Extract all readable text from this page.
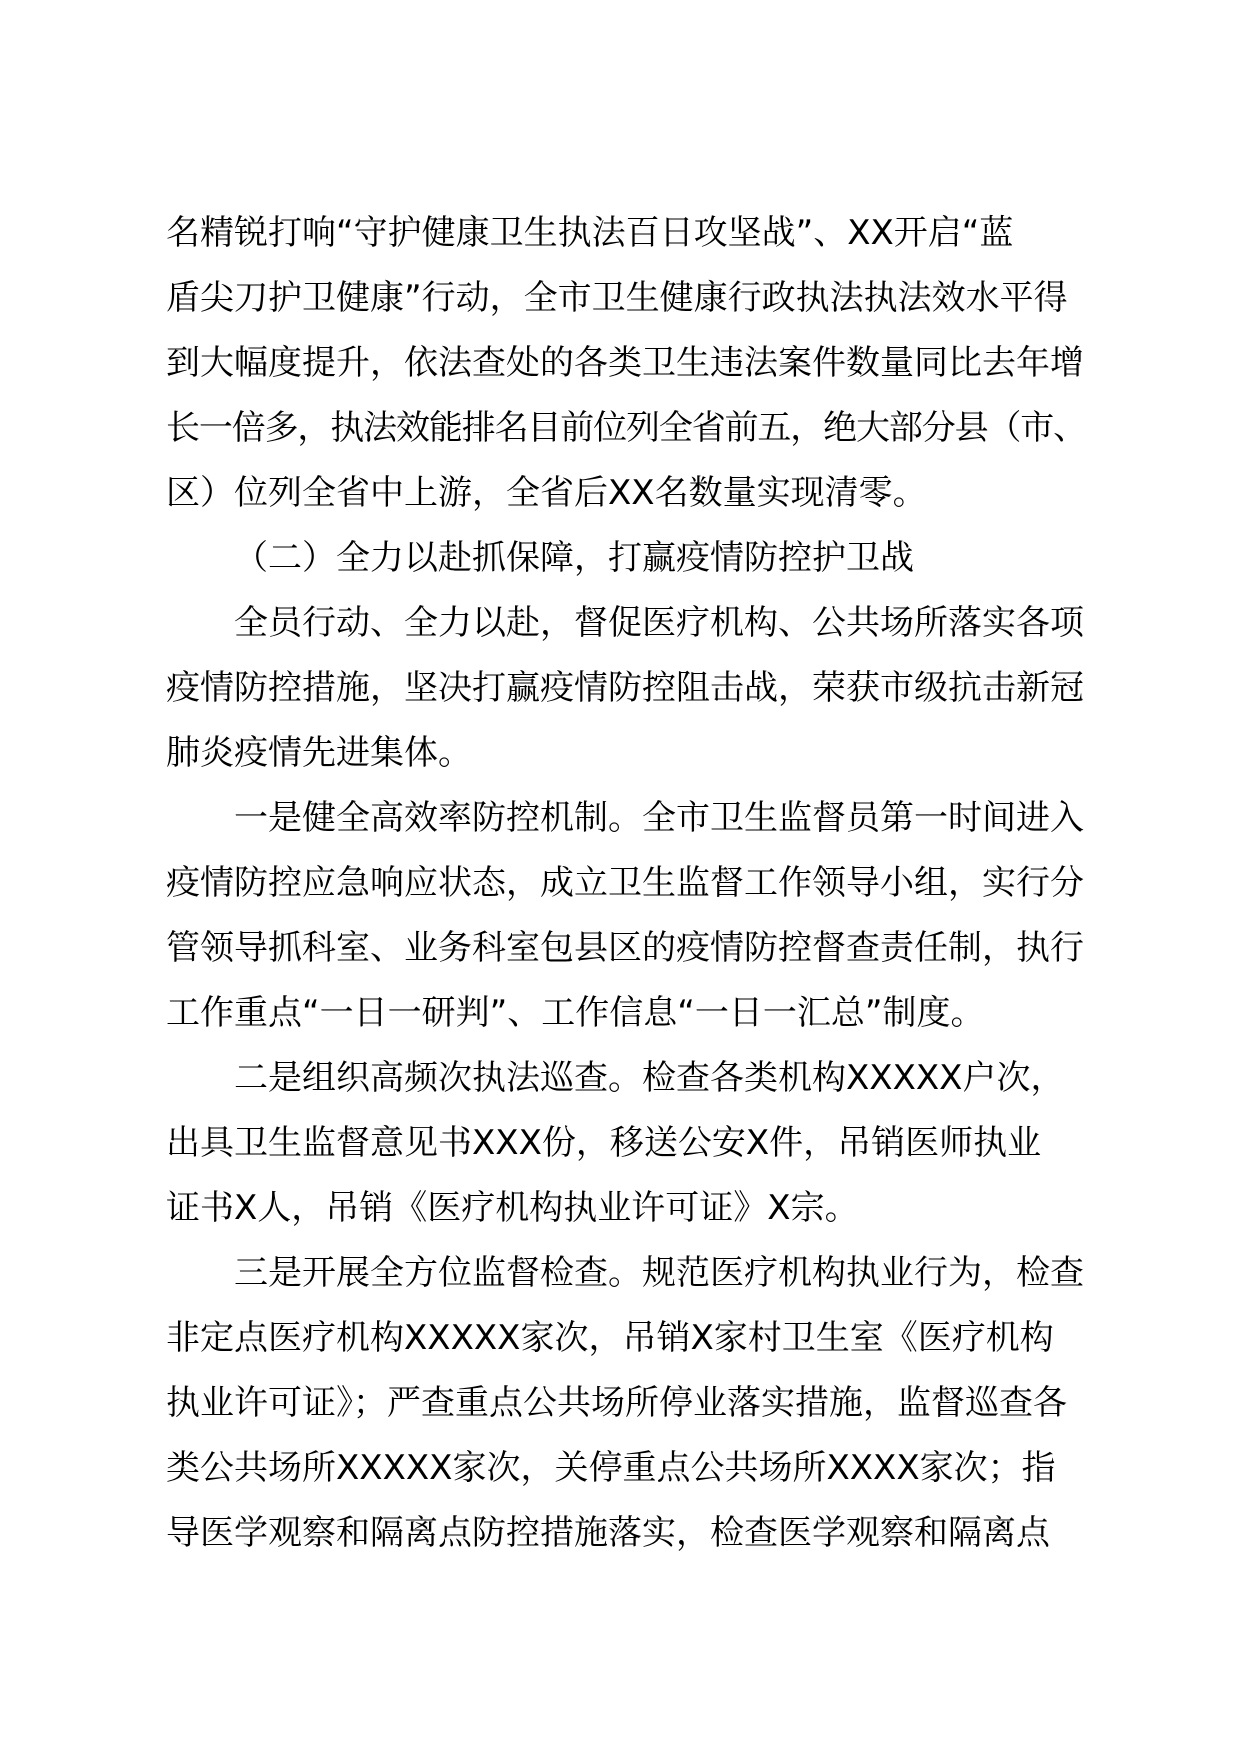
名精锐打响“守护健康卫生执法百日攻坚战”、XX开启“蓝
盾尖刀护卫健康”行动，全市卫生健康行政执法执法效水平得
到大幅度提升，依法查处的各类卫生违法案件数量同比去年增
长一倍多，执法效能排名目前位列全省前五，绝大部分县（市、
区）位列全省中上游，全省后XX名数量实现清零。
（二）全力以赴抓保障，打赢疫情防控护卫战
全员行动、全力以赴，督促医疗机构、公共场所落实各项
疫情防控措施，坚决打赢疫情防控阻击战，荣获市级抗击新冠
肺炎疫情先进集体。
一是健全高效率防控机制。全市卫生监督员第一时间进入
疫情防控应急响应状态，成立卫生监督工作领导小组，实行分
管领导抓科室、业务科室包县区的疫情防控督查责任制，执行
工作重点“一日一研判”、工作信息“一日一汇总”制度。
二是组织高频次执法巡查。检查各类机构XXXXX户次，
出具卫生监督意见书XXX份，移送公安X件，吊销医师执业
证书X人，吊销《医疗机构执业许可证》X宗。
三是开展全方位监督检查。规范医疗机构执业行为，检查
非定点医疗机构XXXXX家次，吊销X家村卫生室《医疗机构
执业许可证》；严查重点公共场所停业落实措施，监督巡查各
类公共场所XXXXX家次，关停重点公共场所XXXX家次；指
导医学观察和隔离点防控措施落实，检查医学观察和隔离点
